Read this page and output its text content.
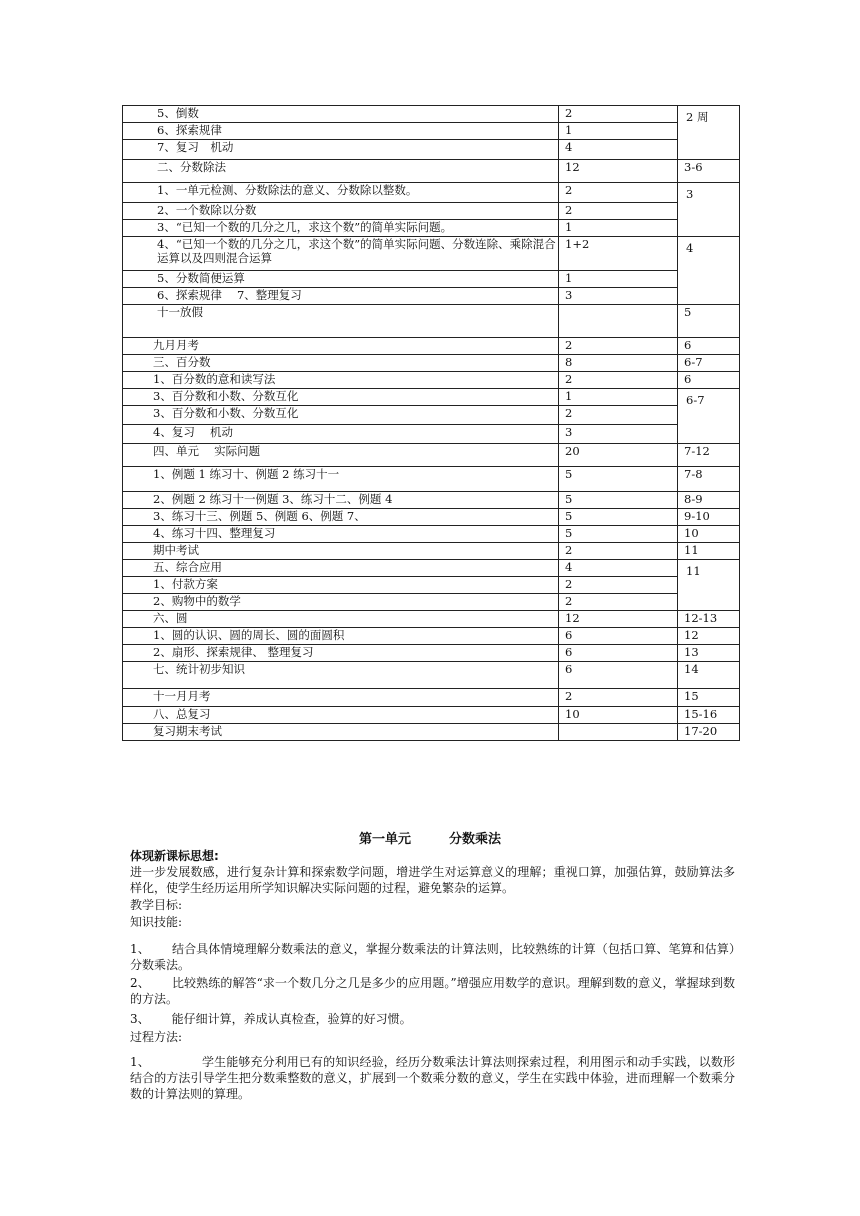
5、倒数	2	2 周
6、探索规律	1	
7、复习　机动	4	
二、分数除法	12	3-6
1、一单元检测、分数除法的意义、分数除以整数。	2	3
2、一个数除以分数	2	
3、“已知一个数的几分之几，求这个数”的简单实际问题。	1	
4、“已知一个数的几分之几，求这个数”的简单实际问题、分数连除、乘除混合运算以及四则混合运算	1+2	4
5、分数简便运算	1	
6、探索规律　 7、整理复习	3	
十一放假		5
九月月考	2	6
三、百分数	8	6-7
1、百分数的意和读写法	2	6
3、百分数和小数、分数互化	1	6-7
3、百分数和小数、分数互化	2	
4、复习　 机动	3	
四、单元　 实际问题	20	7-12
1、例题 1 练习十、例题 2 练习十一	5	7-8
2、例题 2 练习十一例题 3、练习十二、例题 4	5	8-9
3、练习十三、例题 5、例题 6、例题 7、	5	9-10
4、练习十四、整理复习	5	10
期中考试	2	11
五、综合应用	4	11
1、付款方案	2	
2、购物中的数学	2	
六、圆	12	12-13
1、圆的认识、圆的周长、圆的面圆积	6	12
2、扇形、探索规律、 整理复习	6	13
七、统计初步知识	6	14
十一月月考	2	15
八、总复习	10	15-16
复习期末考试		17-20
第一单元	分数乘法
体现新课标思想:
进一步发展数感，进行复杂计算和探索数学问题，增进学生对运算意义的理解；重视口算，加强估算，鼓励算法多样化，使学生经历运用所学知识解决实际问题的过程，避免繁杂的运算。
教学目标:
知识技能:
1、 结合具体情境理解分数乘法的意义，掌握分数乘法的计算法则，比较熟练的计算（包括口算、笔算和估算）分数乘法。
2、 比较熟练的解答“求一个数几分之几是多少的应用题。”增强应用数学的意识。理解到数的意义，掌握球到数的方法。
3、 能仔细计算，养成认真检查，验算的好习惯。
过程方法:
1、	学生能够充分利用已有的知识经验，经历分数乘法计算法则探索过程，利用图示和动手实践，以数形结合的方法引导学生把分数乘整数的意义，扩展到一个数乘分数的意义，学生在实践中体验，进而理解一个数乘分数的计算法则的算理。
